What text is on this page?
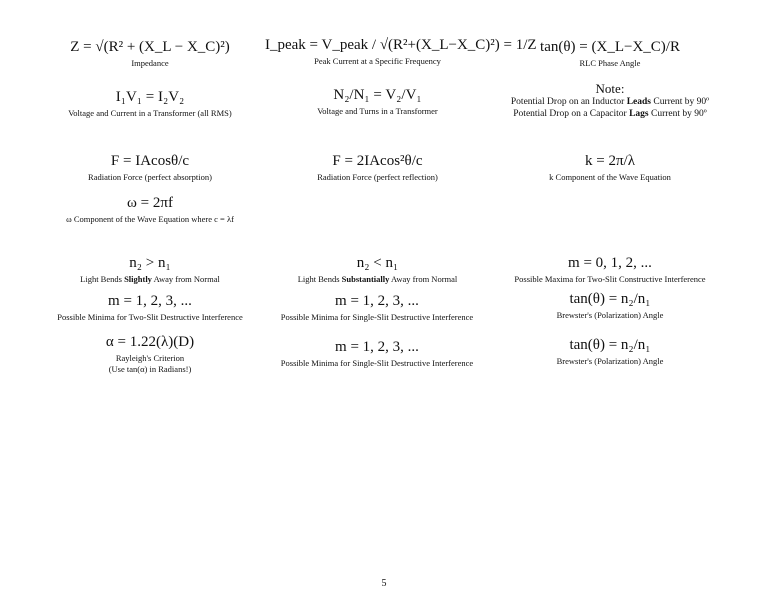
Z = √(R² + (X_L − X_C)²)
Impedance
I_peak = V_peak / √(R²+(X_L−X_C)²) = 1/Z
Peak Current at a Specific Frequency
tan(θ) = (X_L−X_C)/R
RLC Phase Angle
I₁V₁ = I₂V₂
Voltage and Current in a Transformer (all RMS)
N₂/N₁ = V₂/V₁
Voltage and Turns in a Transformer
Note:
Potential Drop on an Inductor Leads Current by 90º
Potential Drop on a Capacitor Lags Current by 90º
F = IAcosθ/c
Radiation Force (perfect absorption)
F = 2IAcos²θ/c
Radiation Force (perfect reflection)
k = 2π/λ
k Component of the Wave Equation
ω = 2πf
ω Component of the Wave Equation where c = λf
n₂ > n₁
Light Bends Slightly Away from Normal
n₂ < n₁
Light Bends Substantially Away from Normal
m = 0, 1, 2, ...
Possible Maxima for Two-Slit Constructive Interference
m = 1, 2, 3, ...
Possible Minima for Two-Slit Destructive Interference
m = 1, 2, 3, ...
Possible Minima for Single-Slit Destructive Interference
tan(θ) = n₂/n₁
Brewster's (Polarization) Angle
α = 1.22(λ)(D)
Rayleigh's Criterion
(Use tan(α) in Radians!)
m = 1, 2, 3, ...
Possible Minima for Single-Slit Destructive Interference
tan(θ) = n₂/n₁
Brewster's (Polarization) Angle
5
